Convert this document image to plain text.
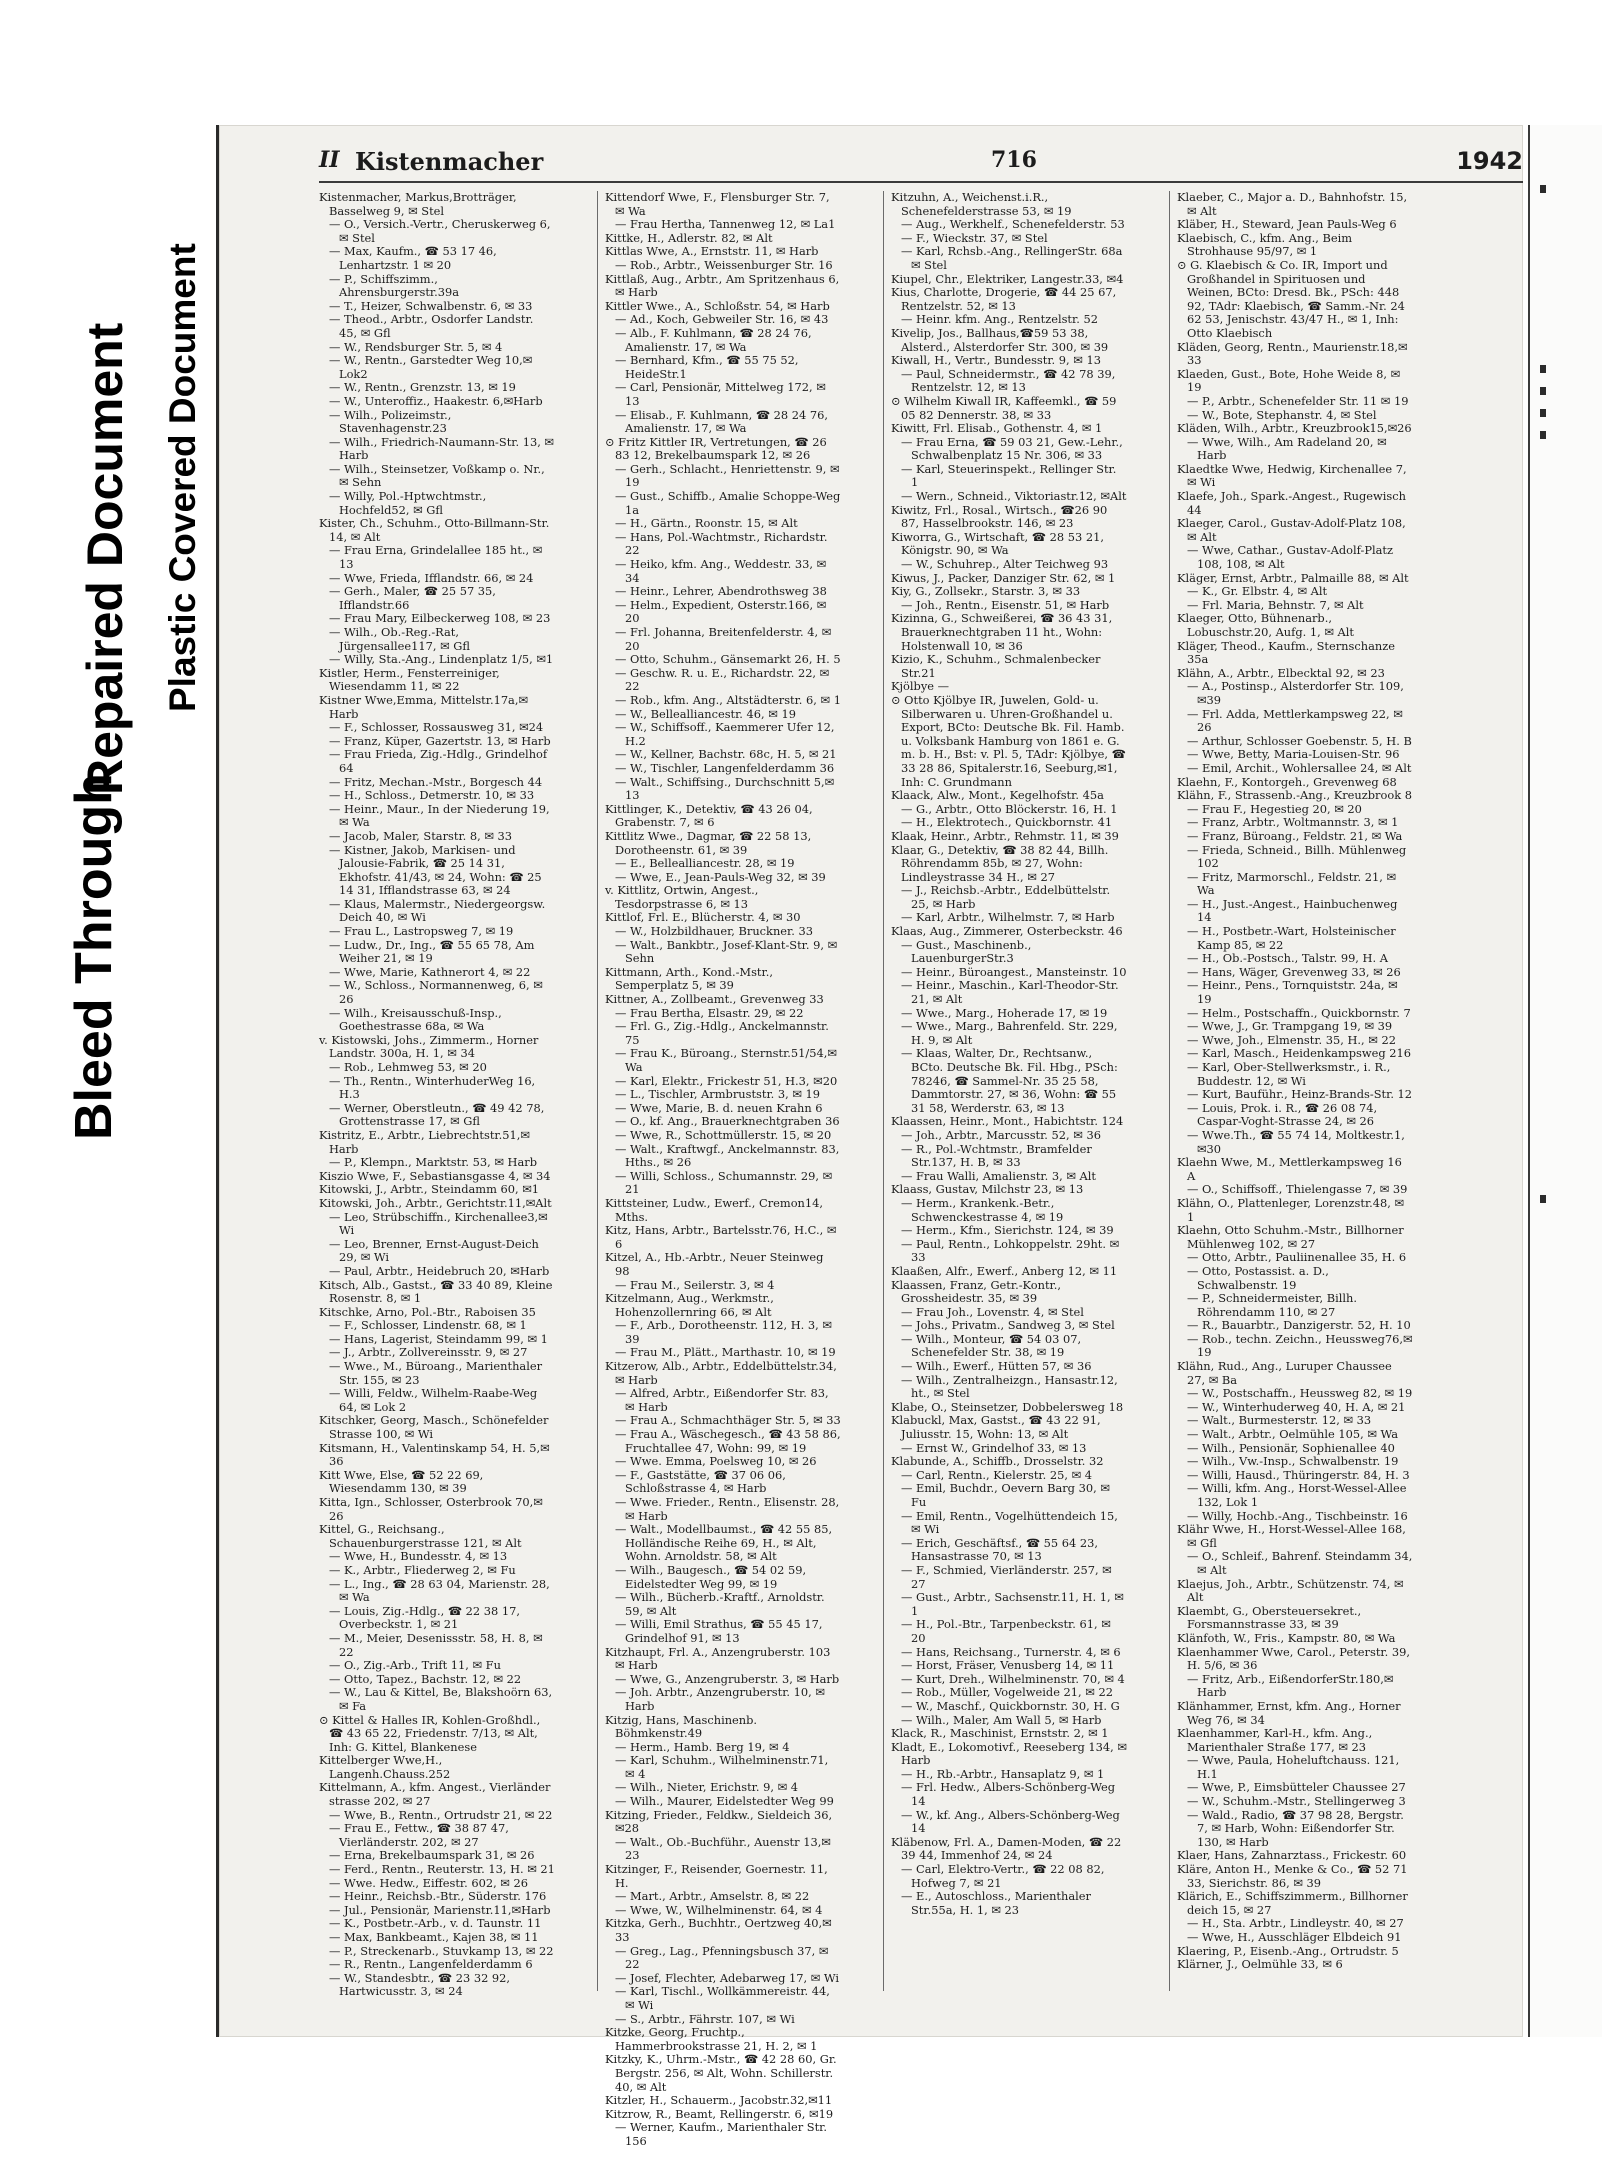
Bleed Through
Repaired Document Plastic Covered Document
II Kistenmacher	716	1942
Kistenmacher, Markus,Brotträger, Basselweg 9, ✉ Stel
— O., Versich.-Vertr., Cheruskerweg 6, ✉ Stel
— Max, Kaufm., ☎ 53 17 46, Lenhartzstr. 1 ✉ 20
— P., Schiffszimm., Ahrensburgerstr.39a
— T., Heizer, Schwalbenstr. 6, ✉ 33
— Theod., Arbtr., Osdorfer Landstr. 45, ✉ Gfl
— W., Rendsburger Str. 5, ✉ 4
— W., Rentn., Garstedter Weg 10,✉Lok2
— W., Rentn., Grenzstr. 13, ✉ 19
— W., Unteroffiz., Haakestr. 6,✉Harb
— Wilh., Polizeimstr., Stavenhagenstr.23
— Wilh., Friedrich-Naumann-Str. 13, ✉ Harb
— Wilh., Steinsetzer, Voßkamp o. Nr., ✉ Sehn
— Willy, Pol.-Hptwchtmstr., Hochfeld52, ✉ Gfl
Kister, Ch., Schuhm., Otto-Billmann-Str. 14, ✉ Alt
— Frau Erna, Grindelallee 185 ht., ✉ 13
— Wwe, Frieda, Ifflandstr. 66, ✉ 24
— Gerh., Maler, ☎ 25 57 35, Ifflandstr.66
— Frau Mary, Eilbeckerweg 108, ✉ 23
— Wilh., Ob.-Reg.-Rat, Jürgensallee117, ✉ Gfl
— Willy, Sta.-Ang., Lindenplatz 1/5, ✉1
Kistler, Herm., Fensterreiniger, Wiesendamm 11, ✉ 22
Kistner Wwe,Emma, Mittelstr.17a,✉Harb
— F., Schlosser, Rossausweg 31, ✉24
— Franz, Küper, Gazertstr. 13, ✉ Harb
— Frau Frieda, Zig.-Hdlg., Grindelhof 64
— Fritz, Mechan.-Mstr., Borgesch 44
— H., Schloss., Detmerstr. 10, ✉ 33
— Heinr., Maur., In der Niederung 19, ✉ Wa
— Jacob, Maler, Starstr. 8, ✉ 33
— Kistner, Jakob, Markisen- und Jalousie-Fabrik, ☎ 25 14 31, Ekhofstr. 41/43, ✉ 24, Wohn: ☎ 25 14 31, Ifflandstrasse 63, ✉ 24
— Klaus, Malermstr., Niedergeorgsw. Deich 40, ✉ Wi
— Frau L., Lastropsweg 7, ✉ 19
— Ludw., Dr., Ing., ☎ 55 65 78, Am Weiher 21, ✉ 19
— Wwe, Marie, Kathnerort 4, ✉ 22
— W., Schloss., Normannenweg, 6, ✉26
— Wilh., Kreisausschuß-Insp., Goethestrasse 68a, ✉ Wa
v. Kistowski, Johs., Zimmerm., Horner Landstr. 300a, H. 1, ✉ 34
— Rob., Lehmweg 53, ✉ 20
— Th., Rentn., WinterhuderWeg 16, H.3
— Werner, Oberstleutn., ☎ 49 42 78, Grottenstrasse 17, ✉ Gfl
Kistritz, E., Arbtr., Liebrechtstr.51,✉Harb
— P., Klempn., Marktstr. 53, ✉ Harb
Kiszio Wwe, F., Sebastiansgasse 4, ✉ 34
Kitowski, J., Arbtr., Steindamm 60, ✉1
Kitowski, Joh., Arbtr., Gerichtstr.11,✉Alt
— Leo, Strübschiffn., Kirchenallee3,✉Wi
— Leo, Brenner, Ernst-August-Deich 29, ✉ Wi
— Paul, Arbtr., Heidebruch 20, ✉Harb
Kitsch, Alb., Gastst., ☎ 33 40 89, Kleine Rosenstr. 8, ✉ 1
Kitschke, Arno, Pol.-Btr., Raboisen 35
— F., Schlosser, Lindenstr. 68, ✉ 1
— Hans, Lagerist, Steindamm 99, ✉ 1
— J., Arbtr., Zollvereinsstr. 9, ✉ 27
— Wwe., M., Büroang., Marienthaler Str. 155, ✉ 23
— Willi, Feldw., Wilhelm-Raabe-Weg 64, ✉ Lok 2
Kitschker, Georg, Masch., Schönefelder Strasse 100, ✉ Wi
Kitsmann, H., Valentinskamp 54, H. 5,✉36
Kitt Wwe, Else, ☎ 52 22 69, Wiesendamm 130, ✉ 39
Kitta, Ign., Schlosser, Osterbrook 70,✉26
Kittel, G., Reichsang., Schauenburgerstrasse 121, ✉ Alt
— Wwe, H., Bundesstr. 4, ✉ 13
— K., Arbtr., Fliederweg 2, ✉ Fu
— L., Ing., ☎ 28 63 04, Marienstr. 28, ✉ Wa
— Louis, Zig.-Hdlg., ☎ 22 38 17, Overbeckstr. 1, ✉ 21
— M., Meier, Desenissstr. 58, H. 8, ✉ 22
— O., Zig.-Arb., Trift 11, ✉ Fu
— Otto, Tapez., Bachstr. 12, ✉ 22
— W., Lau & Kittel, Be, Blakshoörn 63, ✉ Fa
⊙ Kittel & Halles IR, Kohlen-Großhdl., ☎ 43 65 22, Friedenstr. 7/13, ✉ Alt, Inh: G. Kittel, Blankenese
Kittelberger Wwe,H., Langenh.Chauss.252
Kittelmann, A., kfm. Angest., Vierländer strasse 202, ✉ 27
— Wwe, B., Rentn., Ortrudstr 21, ✉ 22
— Frau E., Fettw., ☎ 38 87 47, Vierländerstr. 202, ✉ 27
— Erna, Brekelbaumspark 31, ✉ 26
— Ferd., Rentn., Reuterstr. 13, H. ✉ 21
— Wwe. Hedw., Eiffestr. 602, ✉ 26
— Heinr., Reichsb.-Btr., Süderstr. 176
— Jul., Pensionär, Marienstr.11,✉Harb
— K., Postbetr.-Arb., v. d. Taunstr. 11
— Max, Bankbeamt., Kajen 38, ✉ 11
— P., Streckenarb., Stuvkamp 13, ✉ 22
— R., Rentn., Langenfelderdamm 6
— W., Standesbtr., ☎ 23 32 92, Hartwicusstr. 3, ✉ 24
Kittendorf Wwe, F., Flensburger Str. 7, ✉ Wa
— Frau Hertha, Tannenweg 12, ✉ La1
Kittke, H., Adlerstr. 82, ✉ Alt
Kittlas Wwe, A., Ernststr. 11, ✉ Harb
— Rob., Arbtr., Weissenburger Str. 16
Kittlaß, Aug., Arbtr., Am Spritzenhaus 6, ✉ Harb
Kittler Wwe., A., Schloßstr. 54, ✉ Harb
— Ad., Koch, Gebweiler Str. 16, ✉ 43
— Alb., F. Kuhlmann, ☎ 28 24 76, Amalienstr. 17, ✉ Wa
— Bernhard, Kfm., ☎ 55 75 52, HeideStr.1
— Carl, Pensionär, Mittelweg 172, ✉ 13
— Elisab., F. Kuhlmann, ☎ 28 24 76, Amalienstr. 17, ✉ Wa
⊙ Fritz Kittler IR, Vertretungen, ☎ 26 83 12, Brekelbaumspark 12, ✉ 26
— Gerh., Schlacht., Henriettenstr. 9, ✉ 19
— Gust., Schiffb., Amalie Schoppe-Weg 1a
— H., Gärtn., Roonstr. 15, ✉ Alt
— Hans, Pol.-Wachtmstr., Richardstr. 22
— Heiko, kfm. Ang., Weddestr. 33, ✉ 34
— Heinr., Lehrer, Abendrothsweg 38
— Helm., Expedient, Osterstr.166, ✉ 20
— Frl. Johanna, Breitenfelderstr. 4, ✉ 20
— Otto, Schuhm., Gänsemarkt 26, H. 5
— Geschw. R. u. E., Richardstr. 22, ✉ 22
— Rob., kfm. Ang., Altstädterstr. 6, ✉ 1
— W., Bellealliancestr. 46, ✉ 19
— W., Schiffsoff., Kaemmerer Ufer 12, H.2
— W., Kellner, Bachstr. 68c, H. 5, ✉ 21
— W., Tischler, Langenfelderdamm 36
— Walt., Schiffsing., Durchschnitt 5,✉13
Kittlinger, K., Detektiv, ☎ 43 26 04, Grabenstr. 7, ✉ 6
Kittlitz Wwe., Dagmar, ☎ 22 58 13, Dorotheenstr. 61, ✉ 39
— E., Bellealliancestr. 28, ✉ 19
— Wwe, E., Jean-Pauls-Weg 32, ✉ 39
v. Kittlitz, Ortwin, Angest., Tesdorpstrasse 6, ✉ 13
Kittlof, Frl. E., Blücherstr. 4, ✉ 30
— W., Holzbildhauer, Bruckner. 33
— Walt., Bankbtr., Josef-Klant-Str. 9, ✉ Sehn
Kittmann, Arth., Kond.-Mstr., Semperplatz 5, ✉ 39
Kittner, A., Zollbeamt., Grevenweg 33
— Frau Bertha, Elsastr. 29, ✉ 22
— Frl. G., Zig.-Hdlg., Anckelmannstr. 75
— Frau K., Büroang., Sternstr.51/54,✉Wa
— Karl, Elektr., Frickestr 51, H.3, ✉20
— L., Tischler, Armbruststr. 3, ✉ 19
— Wwe, Marie, B. d. neuen Krahn 6
— O., kf. Ang., Brauerknechtgraben 36
— Wwe, R., Schottmüllerstr. 15, ✉ 20
— Walt., Kraftwgf., Anckelmannstr. 83, Hths., ✉ 26
— Willi, Schloss., Schumannstr. 29, ✉21
Kittsteiner, Ludw., Ewerf., Cremon14, Mths.
Kitz, Hans, Arbtr., Bartelsstr.76, H.C., ✉6
Kitzel, A., Hb.-Arbtr., Neuer Steinweg 98
— Frau M., Seilerstr. 3, ✉ 4
Kitzelmann, Aug., Werkmstr., Hohenzollernring 66, ✉ Alt
— F., Arb., Dorotheenstr. 112, H. 3, ✉ 39
— Frau M., Plätt., Marthastr. 10, ✉ 19
Kitzerow, Alb., Arbtr., Eddelbüttelstr.34, ✉ Harb
— Alfred, Arbtr., Eißendorfer Str. 83, ✉ Harb
— Frau A., Schmachthäger Str. 5, ✉ 33
— Frau A., Wäschegesch., ☎ 43 58 86, Fruchtallee 47, Wohn: 99, ✉ 19
— Wwe. Emma, Poelsweg 10, ✉ 26
— F., Gaststätte, ☎ 37 06 06, Schloßstrasse 4, ✉ Harb
— Wwe. Frieder., Rentn., Elisenstr. 28, ✉ Harb
— Walt., Modellbaumst., ☎ 42 55 85, Holländische Reihe 69, H., ✉ Alt, Wohn. Arnoldstr. 58, ✉ Alt
— Wilh., Baugesch., ☎ 54 02 59, Eidelstedter Weg 99, ✉ 19
— Wilh., Bücherb.-Kraftf., Arnoldstr. 59, ✉ Alt
— Willi, Emil Strathus, ☎ 55 45 17, Grindelhof 91, ✉ 13
Kitzhaupt, Frl. A., Anzengruberstr. 103 ✉ Harb
— Wwe, G., Anzengruberstr. 3, ✉ Harb
— Joh. Arbtr., Anzengruberstr. 10, ✉Harb
Kitzig, Hans, Maschinenb. Böhmkenstr.49
— Herm., Hamb. Berg 19, ✉ 4
— Karl, Schuhm., Wilhelminenstr.71, ✉ 4
— Wilh., Nieter, Erichstr. 9, ✉ 4
— Wilh., Maurer, Eidelstedter Weg 99
Kitzing, Frieder., Feldkw., Sieldeich 36,✉28
— Walt., Ob.-Buchführ., Auenstr 13,✉23
Kitzinger, F., Reisender, Goernestr. 11, H.
— Mart., Arbtr., Amselstr. 8, ✉ 22
— Wwe, W., Wilhelminenstr. 64, ✉ 4
Kitzka, Gerh., Buchhtr., Oertzweg 40,✉33
— Greg., Lag., Pfenningsbusch 37, ✉22
— Josef, Flechter, Adebarweg 17, ✉ Wi
— Karl, Tischl., Wollkämmereistr. 44, ✉ Wi
— S., Arbtr., Fährstr. 107, ✉ Wi
Kitzke, Georg, Fruchtp., Hammerbrookstrasse 21, H. 2, ✉ 1
Kitzky, K., Uhrm.-Mstr., ☎ 42 28 60, Gr. Bergstr. 256, ✉ Alt, Wohn. Schillerstr. 40, ✉ Alt
Kitzler, H., Schauerm., Jacobstr.32,✉11
Kitzrow, R., Beamt, Rellingerstr. 6, ✉19
— Werner, Kaufm., Marienthaler Str. 156
Kitzuhn, A., Weichenst.i.R., Schenefelderstrasse 53, ✉ 19
— Aug., Werkhelf., Schenefelderstr. 53
— F., Wieckstr. 37, ✉ Stel
— Karl, Rchsb.-Ang., RellingerStr. 68a ✉ Stel
Kiupel, Chr., Elektriker, Langestr.33, ✉4
Kius, Charlotte, Drogerie, ☎ 44 25 67, Rentzelstr. 52, ✉ 13
— Heinr. kfm. Ang., Rentzelstr. 52
Kivelip, Jos., Ballhaus,☎59 53 38, Alsterd., Alsterdorfer Str. 300, ✉ 39
Kiwall, H., Vertr., Bundesstr. 9, ✉ 13
— Paul, Schneidermstr., ☎ 42 78 39, Rentzelstr. 12, ✉ 13
⊙ Wilhelm Kiwall IR, Kaffeemkl., ☎ 59 05 82 Dennerstr. 38, ✉ 33
Kiwitt, Frl. Elisab., Gothenstr. 4, ✉ 1
— Frau Erna, ☎ 59 03 21, Gew.-Lehr., Schwalbenplatz 15 Nr. 306, ✉ 33
— Karl, Steuerinspekt., Rellinger Str. 1
— Wern., Schneid., Viktoriastr.12, ✉Alt
Kiwitz, Frl., Rosal., Wirtsch., ☎26 90 87, Hasselbrookstr. 146, ✉ 23
Kiworra, G., Wirtschaft, ☎ 28 53 21, Königstr. 90, ✉ Wa
— W., Schuhrep., Alter Teichweg 93
Kiwus, J., Packer, Danziger Str. 62, ✉ 1
Kiy, G., Zollsekr., Starstr. 3, ✉ 33
— Joh., Rentn., Eisenstr. 51, ✉ Harb
Kizinna, G., Schweißerei, ☎ 36 43 31, Brauerknechtgraben 11 ht., Wohn: Holstenwall 10, ✉ 36
Kizio, K., Schuhm., Schmalenbecker Str.21
Kjölbye —
⊙ Otto Kjölbye IR, Juwelen, Gold- u. Silberwaren u. Uhren-Großhandel u. Export, BCto: Deutsche Bk. Fil. Hamb. u. Volksbank Hamburg von 1861 e. G. m. b. H., Bst: v. Pl. 5, TAdr: Kjölbye, ☎ 33 28 86, Spitalerstr.16, Seeburg,✉1, Inh: C. Grundmann
Klaack, Alw., Mont., Kegelhofstr. 45a
— G., Arbtr., Otto Blöckerstr. 16, H. 1
— H., Elektrotech., Quickbornstr. 41
Klaak, Heinr., Arbtr., Rehmstr. 11, ✉ 39
Klaar, G., Detektiv, ☎ 38 82 44, Billh. Röhrendamm 85b, ✉ 27, Wohn: Lindleystrasse 34 H., ✉ 27
— J., Reichsb.-Arbtr., Eddelbüttelstr. 25, ✉ Harb
— Karl, Arbtr., Wilhelmstr. 7, ✉ Harb
Klaas, Aug., Zimmerer, Osterbeckstr. 46
— Gust., Maschinenb., LauenburgerStr.3
— Heinr., Büroangest., Mansteinstr. 10
— Heinr., Maschin., Karl-Theodor-Str. 21, ✉ Alt
— Wwe., Marg., Hoherade 17, ✉ 19
— Wwe., Marg., Bahrenfeld. Str. 229, H. 9, ✉ Alt
— Klaas, Walter, Dr., Rechtsanw., BCto. Deutsche Bk. Fil. Hbg., PSch: 78246, ☎ Sammel-Nr. 35 25 58, Dammtorstr. 27, ✉ 36, Wohn: ☎ 55 31 58, Werderstr. 63, ✉ 13
Klaassen, Heinr., Mont., Habichtstr. 124
— Joh., Arbtr., Marcusstr. 52, ✉ 36
— R., Pol.-Wchtmstr., Bramfelder Str.137, H. B, ✉ 33
— Frau Walli, Amalienstr. 3, ✉ Alt
Klaass, Gustav, Milchstr 23, ✉ 13
— Herm., Krankenk.-Betr., Schwenckestrasse 4, ✉ 19
— Herm., Kfm., Sierichstr. 124, ✉ 39
— Paul, Rentn., Lohkoppelstr. 29ht. ✉33
Klaaßen, Alfr., Ewerf., Anberg 12, ✉ 11
Klaassen, Franz, Getr.-Kontr., Grossheidestr. 35, ✉ 39
— Frau Joh., Lovenstr. 4, ✉ Stel
— Johs., Privatm., Sandweg 3, ✉ Stel
— Wilh., Monteur, ☎ 54 03 07, Schenefelder Str. 38, ✉ 19
— Wilh., Ewerf., Hütten 57, ✉ 36
— Wilh., Zentralheizgn., Hansastr.12, ht., ✉ Stel
Klabe, O., Steinsetzer, Dobbelersweg 18
Klabuckl, Max, Gastst., ☎ 43 22 91, Juliusstr. 15, Wohn: 13, ✉ Alt
— Ernst W., Grindelhof 33, ✉ 13
Klabunde, A., Schiffb., Drosselstr. 32
— Carl, Rentn., Kielerstr. 25, ✉ 4
— Emil, Buchdr., Oevern Barg 30, ✉ Fu
— Emil, Rentn., Vogelhüttendeich 15, ✉ Wi
— Erich, Geschäftsf., ☎ 55 64 23, Hansastrasse 70, ✉ 13
— F., Schmied, Vierländerstr. 257, ✉ 27
— Gust., Arbtr., Sachsenstr.11, H. 1, ✉1
— H., Pol.-Btr., Tarpenbeckstr. 61, ✉ 20
— Hans, Reichsang., Turnerstr. 4, ✉ 6
— Horst, Fräser, Venusberg 14, ✉ 11
— Kurt, Dreh., Wilhelminenstr. 70, ✉ 4
— Rob., Müller, Vogelweide 21, ✉ 22
— W., Maschf., Quickbornstr. 30, H. G
— Wilh., Maler, Am Wall 5, ✉ Harb
Klack, R., Maschinist, Ernststr. 2, ✉ 1
Kladt, E., Lokomotivf., Reeseberg 134, ✉ Harb
— H., Rb.-Arbtr., Hansaplatz 9, ✉ 1
— Frl. Hedw., Albers-Schönberg-Weg 14
— W., kf. Ang., Albers-Schönberg-Weg 14
Kläbenow, Frl. A., Damen-Moden, ☎ 22 39 44, Immenhof 24, ✉ 24
— Carl, Elektro-Vertr., ☎ 22 08 82, Hofweg 7, ✉ 21
— E., Autoschloss., Marienthaler Str.55a, H. 1, ✉ 23
Klaeber, C., Major a. D., Bahnhofstr. 15, ✉ Alt
Kläber, H., Steward, Jean Pauls-Weg 6
Klaebisch, C., kfm. Ang., Beim Strohhause 95/97, ✉ 1
⊙ G. Klaebisch & Co. IR, Import und Großhandel in Spirituosen und Weinen, BCto: Dresd. Bk., PSch: 448 92, TAdr: Klaebisch, ☎ Samm.-Nr. 24 62 53, Jenischstr. 43/47 H., ✉ 1, Inh: Otto Klaebisch
Kläden, Georg, Rentn., Maurienstr.18,✉33
Klaeden, Gust., Bote, Hohe Weide 8, ✉19
— P., Arbtr., Schenefelder Str. 11 ✉ 19
— W., Bote, Stephanstr. 4, ✉ Stel
Kläden, Wilh., Arbtr., Kreuzbrook15,✉26
— Wwe, Wilh., Am Radeland 20, ✉ Harb
Klaedtke Wwe, Hedwig, Kirchenallee 7, ✉ Wi
Klaefe, Joh., Spark.-Angest., Rugewisch 44
Klaeger, Carol., Gustav-Adolf-Platz 108, ✉ Alt
— Wwe, Cathar., Gustav-Adolf-Platz 108, 108, ✉ Alt
Kläger, Ernst, Arbtr., Palmaille 88, ✉ Alt
— K., Gr. Elbstr. 4, ✉ Alt
— Frl. Maria, Behnstr. 7, ✉ Alt
Klaeger, Otto, Bühnenarb., Lobuschstr.20, Aufg. 1, ✉ Alt
Kläger, Theod., Kaufm., Sternschanze 35a
Klähn, A., Arbtr., Elbecktal 92, ✉ 23
— A., Postinsp., Alsterdorfer Str. 109,✉39
— Frl. Adda, Mettlerkampsweg 22, ✉ 26
— Arthur, Schlosser Goebenstr. 5, H. B
— Wwe, Betty, Maria-Louisen-Str. 96
— Emil, Archit., Wohlersallee 24, ✉ Alt
Klaehn, F., Kontorgeh., Grevenweg 68
Klähn, F., Strassenb.-Ang., Kreuzbrook 8
— Frau F., Hegestieg 20, ✉ 20
— Franz, Arbtr., Woltmannstr. 3, ✉ 1
— Franz, Büroang., Feldstr. 21, ✉ Wa
— Frieda, Schneid., Billh. Mühlenweg 102
— Fritz, Marmorschl., Feldstr. 21, ✉ Wa
— H., Just.-Angest., Hainbuchenweg 14
— H., Postbetr.-Wart, Holsteinischer Kamp 85, ✉ 22
— H., Ob.-Postsch., Talstr. 99, H. A
— Hans, Wäger, Grevenweg 33, ✉ 26
— Heinr., Pens., Tornquiststr. 24a, ✉ 19
— Helm., Postschaffn., Quickbornstr. 7
— Wwe, J., Gr. Trampgang 19, ✉ 39
— Wwe, Joh., Elmenstr. 35, H., ✉ 22
— Karl, Masch., Heidenkampsweg 216
— Karl, Ober-Stellwerksmstr., i. R., Buddestr. 12, ✉ Wi
— Kurt, Bauführ., Heinz-Brands-Str. 12
— Louis, Prok. i. R., ☎ 26 08 74, Caspar-Voght-Strasse 24, ✉ 26
— Wwe.Th., ☎ 55 74 14, Moltkestr.1,✉30
Klaehn Wwe, M., Mettlerkampsweg 16 A
— O., Schiffsoff., Thielengasse 7, ✉ 39
Klähn, O., Plattenleger, Lorenzstr.48, ✉ 1
Klaehn, Otto Schuhm.-Mstr., Billhorner Mühlenweg 102, ✉ 27
— Otto, Arbtr., Pauliinenallee 35, H. 6
— Otto, Postassist. a. D., Schwalbenstr. 19
— P., Schneidermeister, Billh. Röhrendamm 110, ✉ 27
— R., Bauarbtr., Danzigerstr. 52, H. 10
— Rob., techn. Zeichn., Heussweg76,✉19
Klähn, Rud., Ang., Luruper Chaussee 27, ✉ Ba
— W., Postschaffn., Heussweg 82, ✉ 19
— W., Winterhuderweg 40, H. A, ✉ 21
— Walt., Burmesterstr. 12, ✉ 33
— Walt., Arbtr., Oelmühle 105, ✉ Wa
— Wilh., Pensionär, Sophienallee 40
— Wilh., Vw.-Insp., Schwalbenstr. 19
— Willi, Hausd., Thüringerstr. 84, H. 3
— Willi, kfm. Ang., Horst-Wessel-Allee 132, Lok 1
— Willy, Hochb.-Ang., Tischbeinstr. 16
Klähr Wwe, H., Horst-Wessel-Allee 168, ✉ Gfl
— O., Schleif., Bahrenf. Steindamm 34, ✉ Alt
Klaejus, Joh., Arbtr., Schützenstr. 74, ✉ Alt
Klaembt, G., Obersteuersekret., Forsmannstrasse 33, ✉ 39
Klänfoth, W., Fris., Kampstr. 80, ✉ Wa
Klaenhammer Wwe, Carol., Peterstr. 39, H. 5/6, ✉ 36
— Fritz, Arb., EißendorferStr.180,✉Harb
Klänhammer, Ernst, kfm. Ang., Horner Weg 76, ✉ 34
Klaenhammer, Karl-H., kfm. Ang., Marienthaler Straße 177, ✉ 23
— Wwe, Paula, Hoheluftchauss. 121, H.1
— Wwe, P., Eimsbütteler Chaussee 27
— W., Schuhm.-Mstr., Stellingerweg 3
— Wald., Radio, ☎ 37 98 28, Bergstr. 7, ✉ Harb, Wohn: Eißendorfer Str. 130, ✉ Harb
Klaer, Hans, Zahnarztass., Frickestr. 60
Kläre, Anton H., Menke & Co., ☎ 52 71 33, Sierichstr. 86, ✉ 39
Klärich, E., Schiffszimmerm., Billhorner deich 15, ✉ 27
— H., Sta. Arbtr., Lindleystr. 40, ✉ 27
— Wwe, H., Ausschläger Elbdeich 91
Klaering, P., Eisenb.-Ang., Ortrudstr. 5
Klärner, J., Oelmühle 33, ✉ 6
